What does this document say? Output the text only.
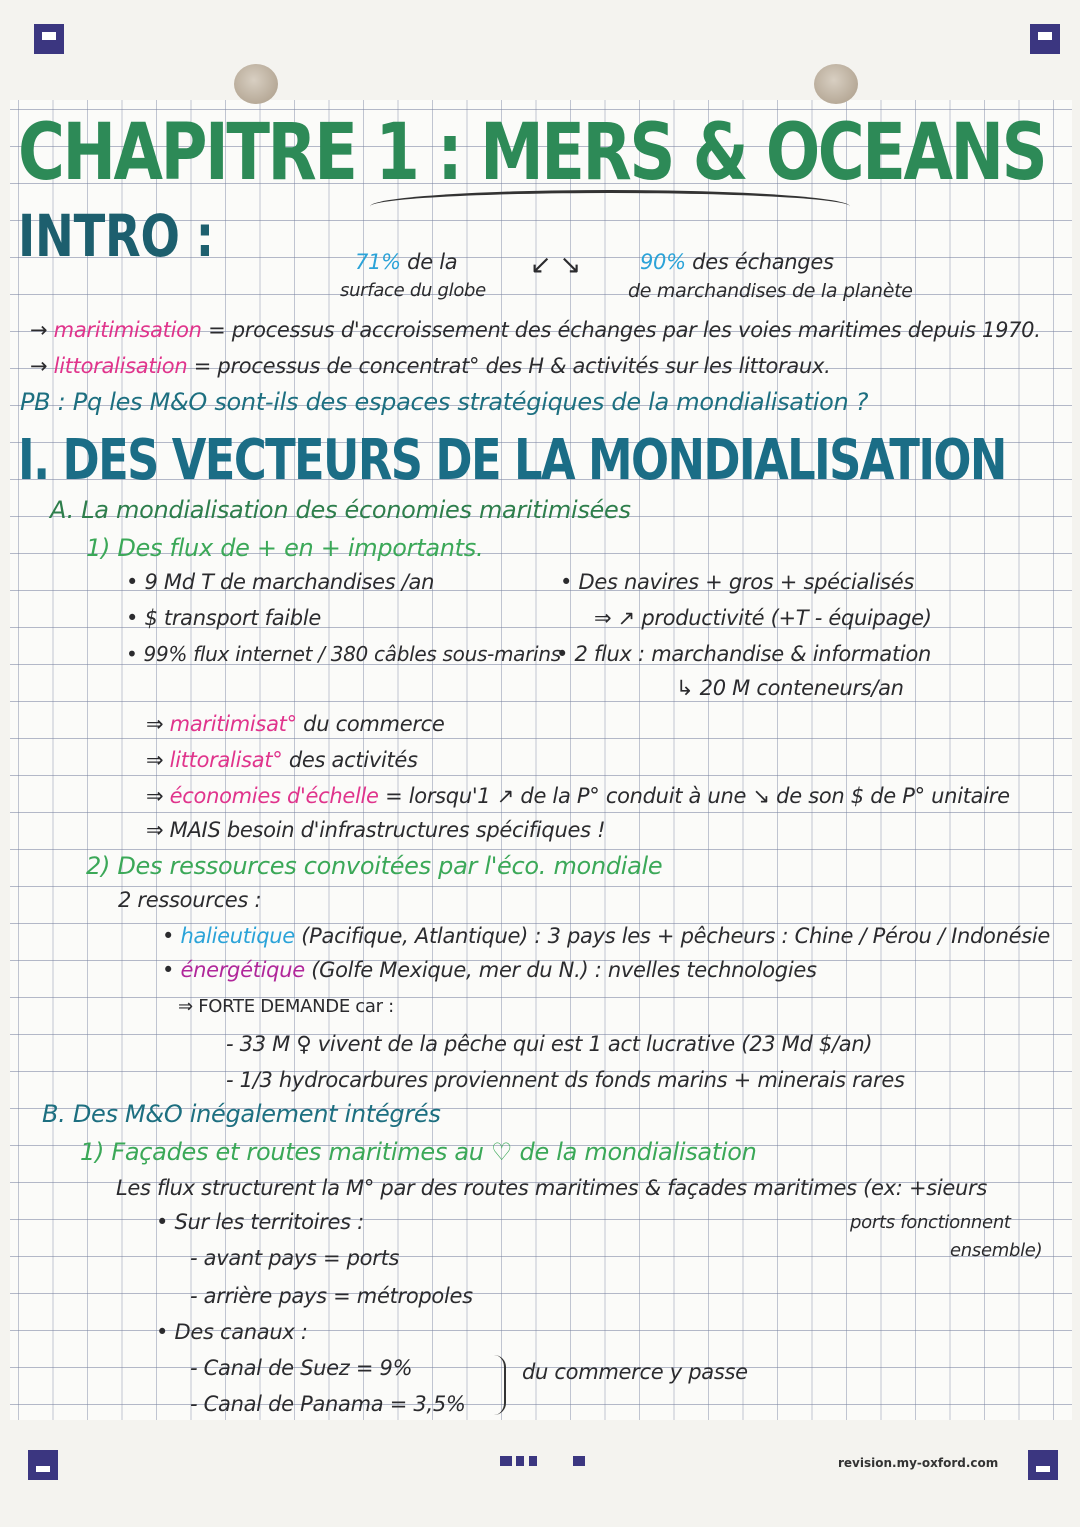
CHAPITRE 1 : MERS & OCEANS
INTRO :	71% de la
surface du globe
↙ ↘	90% des échanges
de marchandises de la planète
→ maritimisation = processus d'accroissement des échanges par les voies maritimes depuis 1970.
→ littoralisation = processus de concentrat° des H & activités sur les littoraux.
PB : Pq les M&O sont-ils des espaces stratégiques de la mondialisation ?
I. DES VECTEURS DE LA MONDIALISATION
A. La mondialisation des économies maritimisées
1) Des flux de + en + importants.
• 9 Md T de marchandises /an
• $ transport faible
• 99% flux internet / 380 câbles sous-marins
• Des navires + gros + spécialisés
⇒ ↗ productivité (+T - équipage)
• 2 flux : marchandise & information
↳ 20 M conteneurs/an
⇒ maritimisat° du commerce
⇒ littoralisat° des activités
⇒ économies d'échelle = lorsqu'1 ↗ de la P° conduit à une ↘ de son $ de P° unitaire
⇒ MAIS besoin d'infrastructures spécifiques !
2) Des ressources convoitées par l'éco. mondiale
2 ressources :
• halieutique (Pacifique, Atlantique) : 3 pays les + pêcheurs : Chine / Pérou / Indonésie
• énergétique (Golfe Mexique, mer du N.) : nvelles technologies
⇒ FORTE DEMANDE car :
- 33 M ♀ vivent de la pêche qui est 1 act lucrative (23 Md $/an)
- 1/3 hydrocarbures proviennent ds fonds marins + minerais rares
B. Des M&O inégalement intégrés
1) Façades et routes maritimes au ♡ de la mondialisation
Les flux structurent la M° par des routes maritimes & façades maritimes (ex: +sieurs
ports fonctionnent
ensemble)
• Sur les territoires :
- avant pays = ports
- arrière pays = métropoles
• Des canaux :
- Canal de Suez = 9%
- Canal de Panama = 3,5%
du commerce y passe
revision.my-oxford.com
